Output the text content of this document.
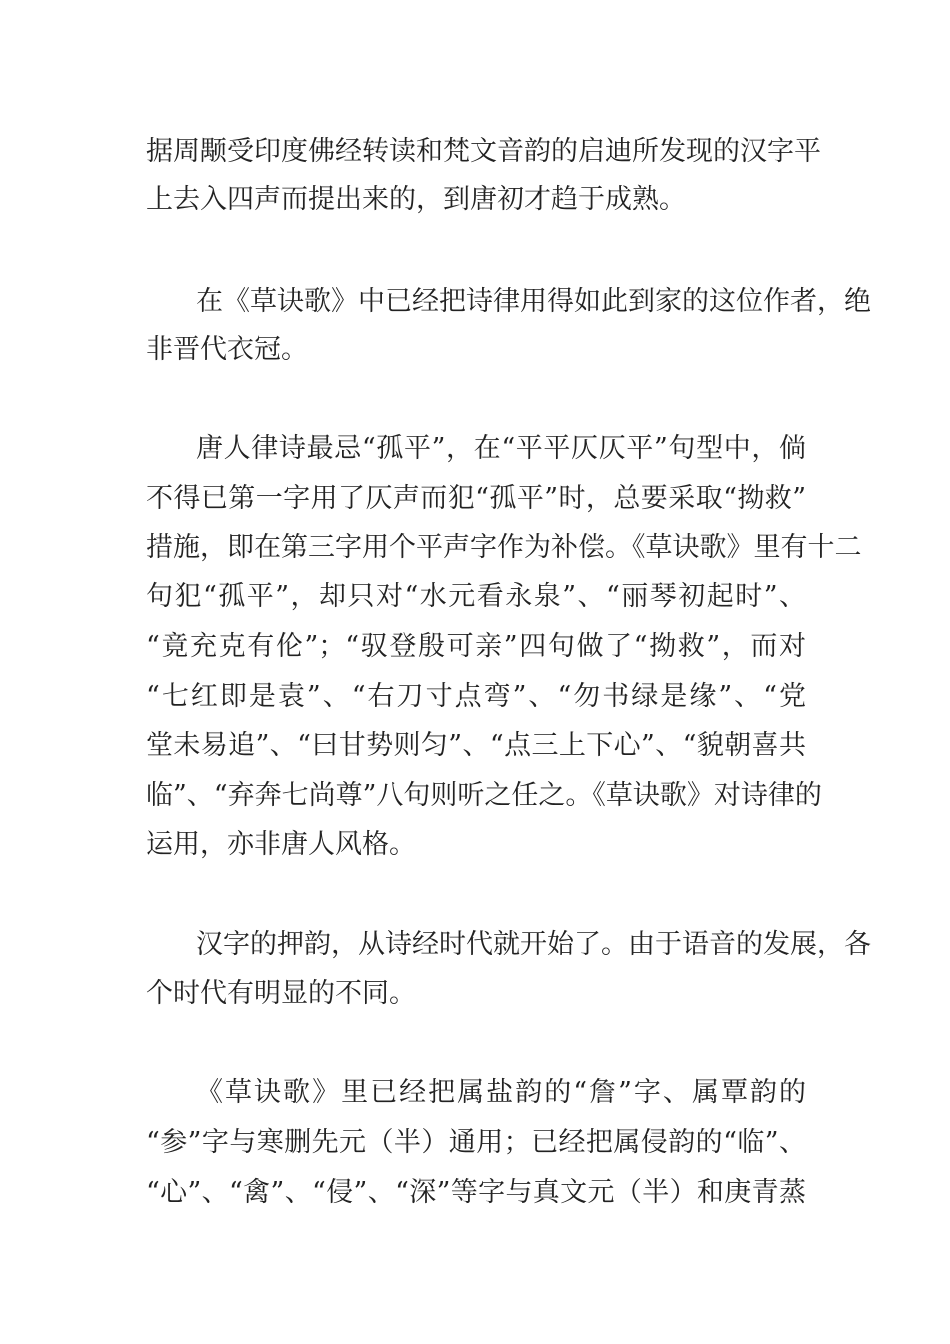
据周颙受印度佛经转读和梵文音韵的启迪所发现的汉字平
上去入四声而提出来的，到唐初才趋于成熟。
在《草诀歌》中已经把诗律用得如此到家的这位作者，绝
非晋代衣冠。
唐人律诗最忌“孤平”，在“平平仄仄平”句型中，倘
不得已第一字用了仄声而犯“孤平”时，总要采取“拗救”
措施，即在第三字用个平声字作为补偿。《草诀歌》里有十二
句犯“孤平”，却只对“水元看永泉”、“丽琴初起时”、
“竟充克有伦”；“驭登殷可亲”四句做了“拗救”，而对
“七红即是袁”、“右刀寸点弯”、“勿书绿是缘”、“党
堂未易追”、“曰甘势则匀”、“点三上下心”、“貌朝喜共
临”、“弃奔七尚尊”八句则听之任之。《草诀歌》对诗律的
运用，亦非唐人风格。
汉字的押韵，从诗经时代就开始了。由于语音的发展，各
个时代有明显的不同。
《草诀歌》里已经把属盐韵的“詹”字、属覃韵的
“参”字与寒删先元（半）通用；已经把属侵韵的“临”、
“心”、“禽”、“侵”、“深”等字与真文元（半）和庚青蒸
